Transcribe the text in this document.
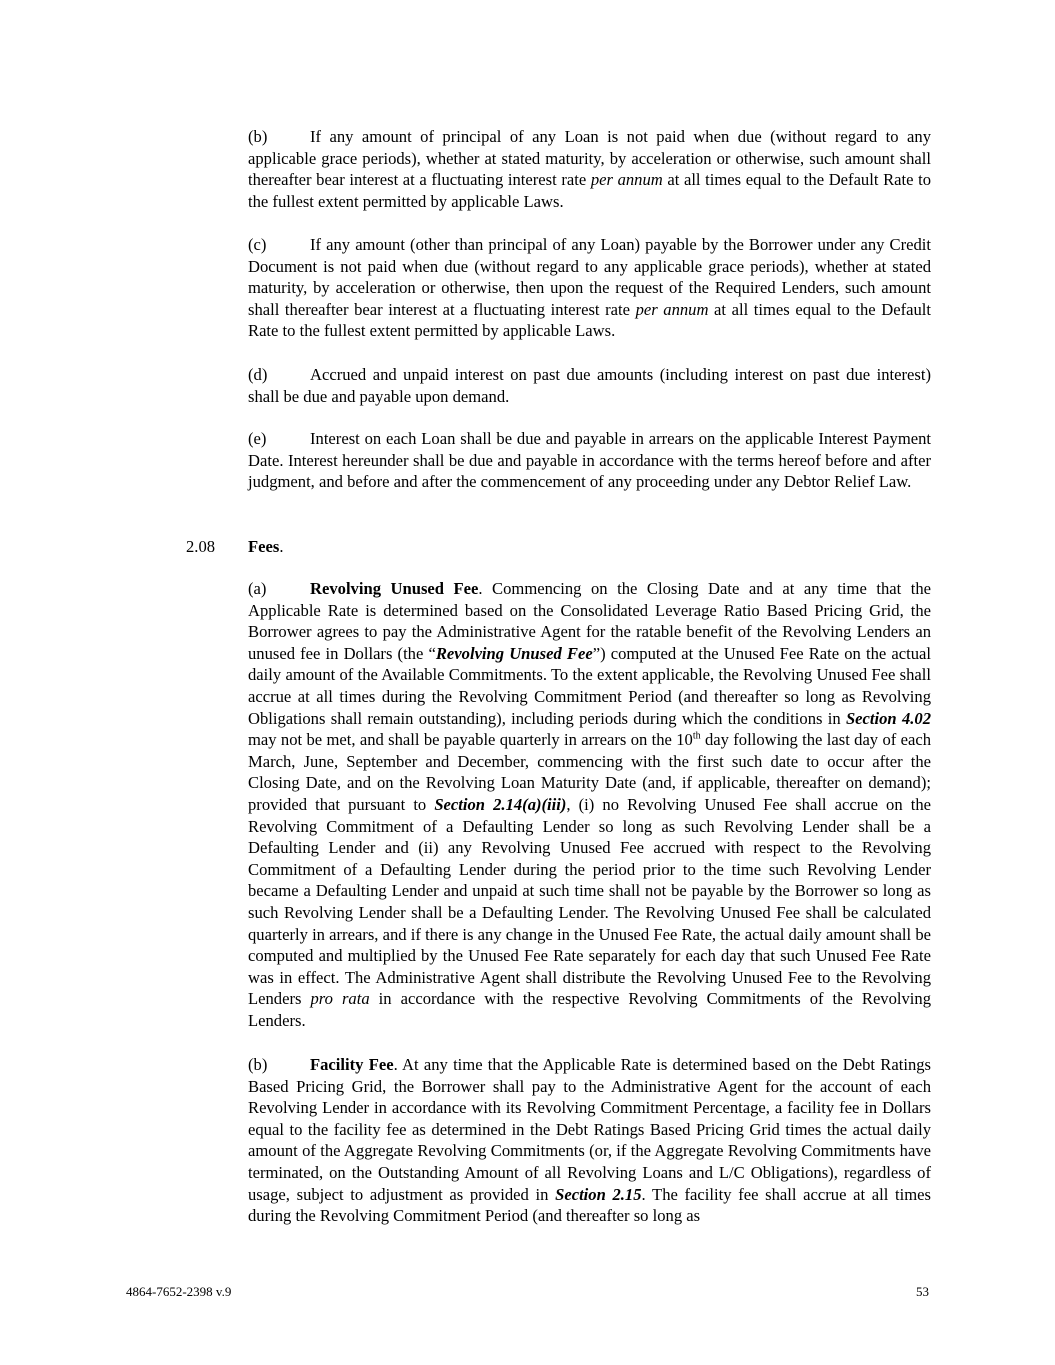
(b)	If any amount of principal of any Loan is not paid when due (without regard to any applicable grace periods), whether at stated maturity, by acceleration or otherwise, such amount shall thereafter bear interest at a fluctuating interest rate per annum at all times equal to the Default Rate to the fullest extent permitted by applicable Laws.

(c)	If any amount (other than principal of any Loan) payable by the Borrower under any Credit Document is not paid when due (without regard to any applicable grace periods), whether at stated maturity, by acceleration or otherwise, then upon the request of the Required Lenders, such amount shall thereafter bear interest at a fluctuating interest rate per annum at all times equal to the Default Rate to the fullest extent permitted by applicable Laws.

(d)	Accrued and unpaid interest on past due amounts (including interest on past due interest) shall be due and payable upon demand.

(e)	Interest on each Loan shall be due and payable in arrears on the applicable Interest Payment Date. Interest hereunder shall be due and payable in accordance with the terms hereof before and after judgment, and before and after the commencement of any proceeding under any Debtor Relief Law.

2.08 Fees.

(a)	Revolving Unused Fee. Commencing on the Closing Date and at any time that the Applicable Rate is determined based on the Consolidated Leverage Ratio Based Pricing Grid, the Borrower agrees to pay the Administrative Agent for the ratable benefit of the Revolving Lenders an unused fee in Dollars (the “Revolving Unused Fee”) computed at the Unused Fee Rate on the actual daily amount of the Available Commitments. To the extent applicable, the Revolving Unused Fee shall accrue at all times during the Revolving Commitment Period (and thereafter so long as Revolving Obligations shall remain outstanding), including periods during which the conditions in Section 4.02 may not be met, and shall be payable quarterly in arrears on the 10th day following the last day of each March, June, September and December, commencing with the first such date to occur after the Closing Date, and on the Revolving Loan Maturity Date (and, if applicable, thereafter on demand); provided that pursuant to Section 2.14(a)(iii), (i) no Revolving Unused Fee shall accrue on the Revolving Commitment of a Defaulting Lender so long as such Revolving Lender shall be a Defaulting Lender and (ii) any Revolving Unused Fee accrued with respect to the Revolving Commitment of a Defaulting Lender during the period prior to the time such Revolving Lender became a Defaulting Lender and unpaid at such time shall not be payable by the Borrower so long as such Revolving Lender shall be a Defaulting Lender. The Revolving Unused Fee shall be calculated quarterly in arrears, and if there is any change in the Unused Fee Rate, the actual daily amount shall be computed and multiplied by the Unused Fee Rate separately for each day that such Unused Fee Rate was in effect. The Administrative Agent shall distribute the Revolving Unused Fee to the Revolving Lenders pro rata in accordance with the respective Revolving Commitments of the Revolving Lenders.

(b)	Facility Fee. At any time that the Applicable Rate is determined based on the Debt Ratings Based Pricing Grid, the Borrower shall pay to the Administrative Agent for the account of each Revolving Lender in accordance with its Revolving Commitment Percentage, a facility fee in Dollars equal to the facility fee as determined in the Debt Ratings Based Pricing Grid times the actual daily amount of the Aggregate Revolving Commitments (or, if the Aggregate Revolving Commitments have terminated, on the Outstanding Amount of all Revolving Loans and L/C Obligations), regardless of usage, subject to adjustment as provided in Section 2.15. The facility fee shall accrue at all times during the Revolving Commitment Period (and thereafter so long as

4864-7652-2398 v.9	53
